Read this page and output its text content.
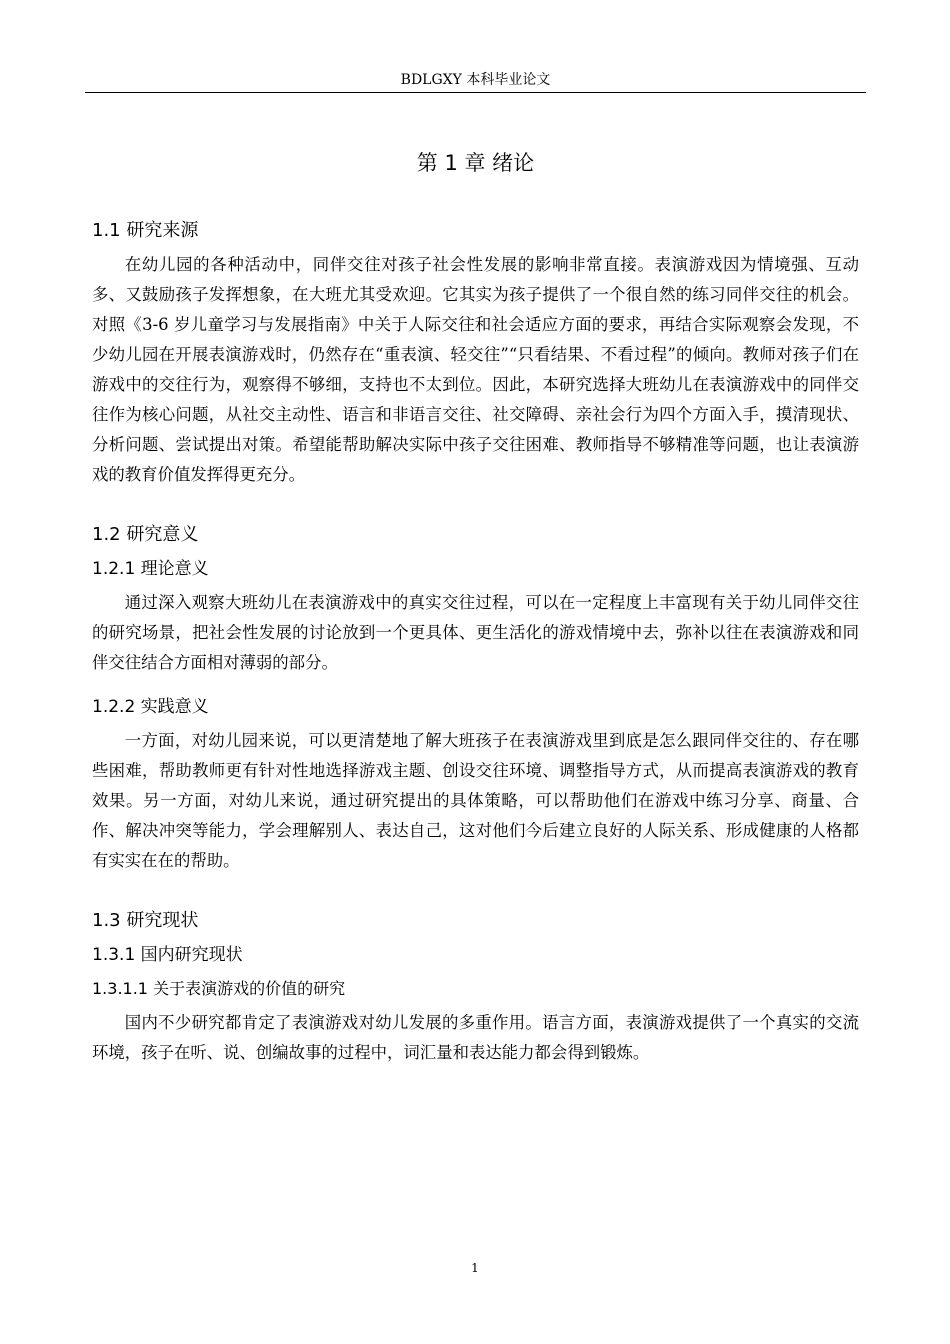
BDLGXY 本科毕业论文
第 1 章 绪论
1.1 研究来源

在幼儿园的各种活动中，同伴交往对孩子社会性发展的影响非常直接。表演游戏因为情境强、互动多、又鼓励孩子发挥想象，在大班尤其受欢迎。它其实为孩子提供了一个很自然的练习同伴交往的机会。对照《3-6 岁儿童学习与发展指南》中关于人际交往和社会适应方面的要求，再结合实际观察会发现，不少幼儿园在开展表演游戏时，仍然存在“重表演、轻交往”“只看结果、不看过程”的倾向。教师对孩子们在游戏中的交往行为，观察得不够细，支持也不太到位。因此，本研究选择大班幼儿在表演游戏中的同伴交往作为核心问题，从社交主动性、语言和非语言交往、社交障碍、亲社会行为四个方面入手，摸清现状、分析问题、尝试提出对策。希望能帮助解决实际中孩子交往困难、教师指导不够精准等问题，也让表演游戏的教育价值发挥得更充分。

1.2 研究意义
1.2.1 理论意义

通过深入观察大班幼儿在表演游戏中的真实交往过程，可以在一定程度上丰富现有关于幼儿同伴交往的研究场景，把社会性发展的讨论放到一个更具体、更生活化的游戏情境中去，弥补以往在表演游戏和同伴交往结合方面相对薄弱的部分。

1.2.2 实践意义

一方面，对幼儿园来说，可以更清楚地了解大班孩子在表演游戏里到底是怎么跟同伴交往的、存在哪些困难，帮助教师更有针对性地选择游戏主题、创设交往环境、调整指导方式，从而提高表演游戏的教育效果。另一方面，对幼儿来说，通过研究提出的具体策略，可以帮助他们在游戏中练习分享、商量、合作、解决冲突等能力，学会理解别人、表达自己，这对他们今后建立良好的人际关系、形成健康的人格都有实实在在的帮助。

1.3 研究现状
1.3.1 国内研究现状
1.3.1.1 关于表演游戏的价值的研究

国内不少研究都肯定了表演游戏对幼儿发展的多重作用。语言方面，表演游戏提供了一个真实的交流环境，孩子在听、说、创编故事的过程中，词汇量和表达能力都会得到锻炼。

1
